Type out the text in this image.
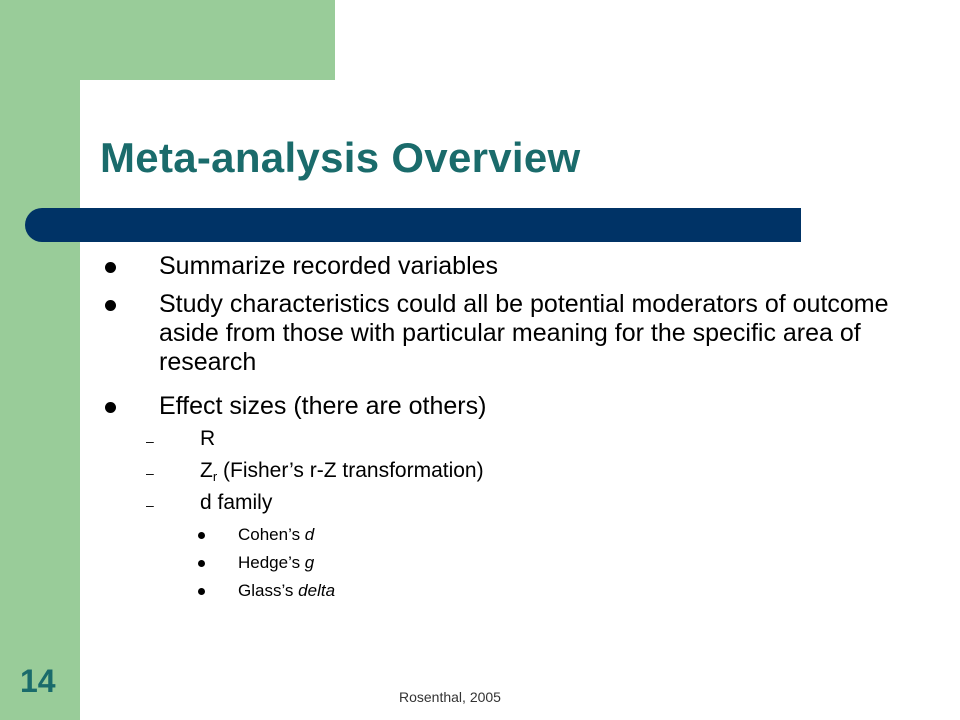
Meta-analysis Overview
Summarize recorded variables
Study characteristics could all be potential moderators of outcome aside from those with particular meaning for the specific area of research
Effect sizes (there are others)
– R
– $Z_r$ (Fisher’s r-Z transformation)
– d family
Cohen’s d
Hedge’s g
Glass’s delta
14	Rosenthal, 2005
